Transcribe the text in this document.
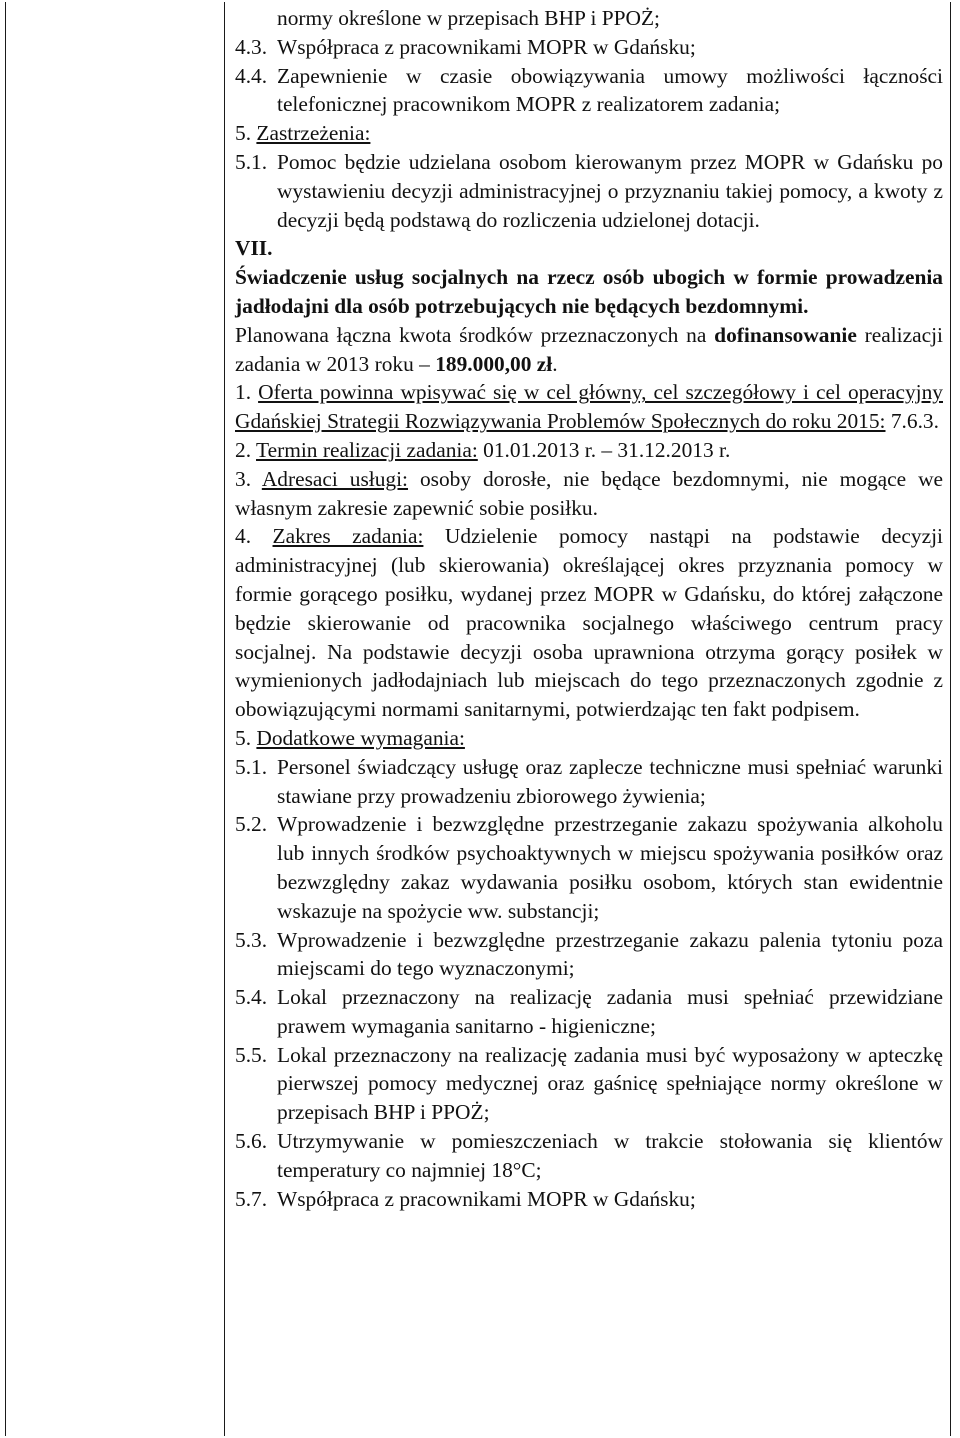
normy określone w przepisach BHP i PPOŻ;
4.3. Współpraca z pracownikami MOPR w Gdańsku;
4.4. Zapewnienie w czasie obowiązywania umowy możliwości łączności telefonicznej pracownikom MOPR z realizatorem zadania;
5. Zastrzeżenia:
5.1. Pomoc będzie udzielana osobom kierowanym przez MOPR w Gdańsku po wystawieniu decyzji administracyjnej o przyznaniu takiej pomocy, a kwoty z decyzji będą podstawą do rozliczenia udzielonej dotacji.
VII.
Świadczenie usług socjalnych na rzecz osób ubogich w formie prowadzenia jadłodajni dla osób potrzebujących nie będących bezdomnymi.
Planowana łączna kwota środków przeznaczonych na dofinansowanie realizacji zadania w 2013 roku – 189.000,00 zł.
1. Oferta powinna wpisywać się w cel główny, cel szczegółowy i cel operacyjny Gdańskiej Strategii Rozwiązywania Problemów Społecznych do roku 2015: 7.6.3.
2. Termin realizacji zadania: 01.01.2013 r. – 31.12.2013 r.
3. Adresaci usługi: osoby dorosłe, nie będące bezdomnymi, nie mogące we własnym zakresie zapewnić sobie posiłku.
4. Zakres zadania: Udzielenie pomocy nastąpi na podstawie decyzji administracyjnej (lub skierowania) określającej okres przyznania pomocy w formie gorącego posiłku, wydanej przez MOPR w Gdańsku, do której załączone będzie skierowanie od pracownika socjalnego właściwego centrum pracy socjalnej. Na podstawie decyzji osoba uprawniona otrzyma gorący posiłek w wymienionych jadłodajniach lub miejscach do tego przeznaczonych zgodnie z obowiązującymi normami sanitarnymi, potwierdzając ten fakt podpisem.
5. Dodatkowe wymagania:
5.1. Personel świadczący usługę oraz zaplecze techniczne musi spełniać warunki stawiane przy prowadzeniu zbiorowego żywienia;
5.2. Wprowadzenie i bezwzględne przestrzeganie zakazu spożywania alkoholu lub innych środków psychoaktywnych w miejscu spożywania posiłków oraz bezwzględny zakaz wydawania posiłku osobom, których stan ewidentnie wskazuje na spożycie ww. substancji;
5.3. Wprowadzenie i bezwzględne przestrzeganie zakazu palenia tytoniu poza miejscami do tego wyznaczonymi;
5.4. Lokal przeznaczony na realizację zadania musi spełniać przewidziane prawem wymagania sanitarno - higieniczne;
5.5. Lokal przeznaczony na realizację zadania musi być wyposażony w apteczkę pierwszej pomocy medycznej oraz gaśnicę spełniające normy określone w przepisach BHP i PPOŻ;
5.6. Utrzymywanie w pomieszczeniach w trakcie stołowania się klientów temperatury co najmniej 18°C;
5.7. Współpraca z pracownikami MOPR w Gdańsku;
